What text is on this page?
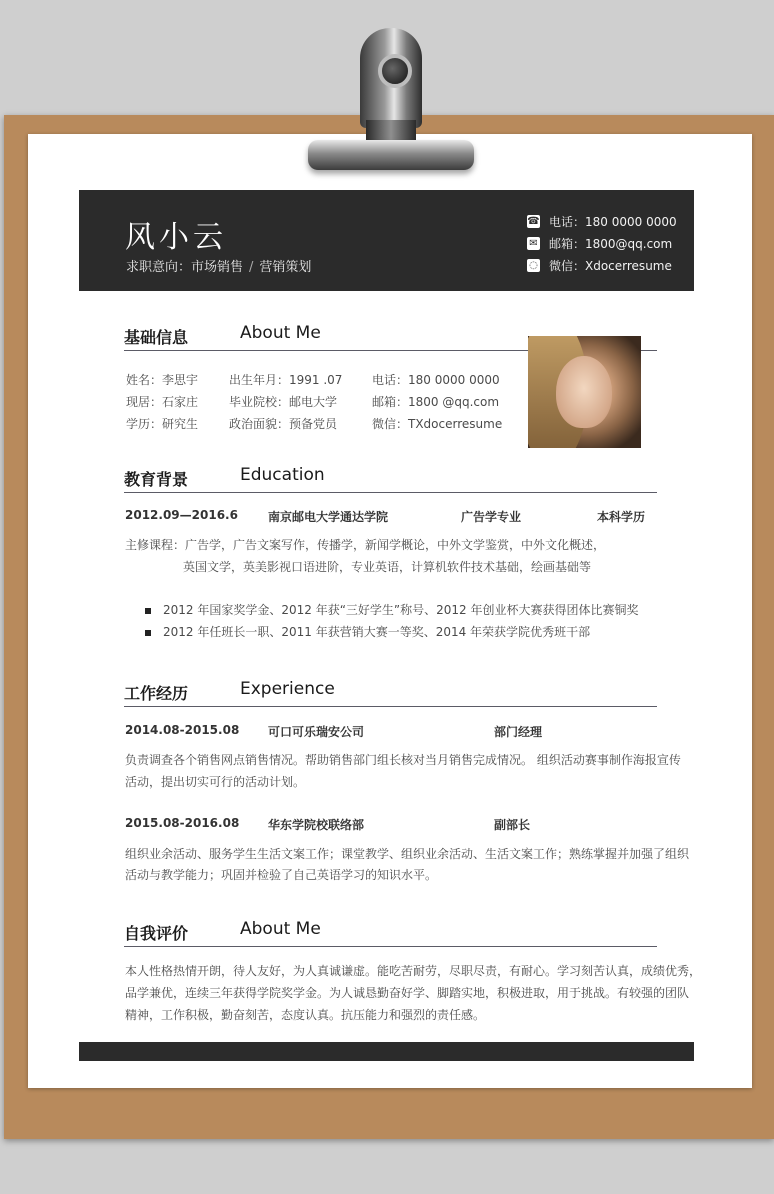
风小云
求职意向：市场销售 / 营销策划
☎ 电话：180 0000 0000
✉ 邮箱：1800@qq.com
◌ 微信：Xdocerresume
基础信息	About Me
姓名：李思宇	出生年月：1991 .07 电话：180 0000 0000
现居：石家庄	毕业院校：邮电大学	邮箱：1800 @qq.com
学历：研究生	政治面貌：预备党员	微信：TXdocerresume
教育背景	Education
2012.09—2016.6	南京邮电大学通达学院	广告学专业	本科学历
主修课程：广告学，广告文案写作，传播学，新闻学概论，中外文学鉴赏，中外文化概述，
英国文学，英美影视口语进阶，专业英语，计算机软件技术基础，绘画基础等
2012 年国家奖学金、2012 年获“三好学生”称号、2012 年创业杯大赛获得团体比赛铜奖
2012 年任班长一职、2011 年获营销大赛一等奖、2014 年荣获学院优秀班干部
工作经历	Experience
2014.08-2015.08 可口可乐瑞安公司	部门经理
负责调查各个销售网点销售情况。帮助销售部门组长核对当月销售完成情况。 组织活动赛事制作海报宣传
活动，提出切实可行的活动计划。
2015.08-2016.08 华东学院校联络部	副部长
组织业余活动、服务学生生活文案工作；课堂教学、组织业余活动、生活文案工作；熟练掌握并加强了组织
活动与教学能力；巩固并检验了自己英语学习的知识水平。
自我评价	About Me
本人性格热情开朗，待人友好，为人真诚谦虚。能吃苦耐劳，尽职尽责，有耐心。学习刻苦认真，成绩优秀，
品学兼优，连续三年获得学院奖学金。为人诚恳勤奋好学、脚踏实地，积极进取，用于挑战。有较强的团队
精神，工作积极，勤奋刻苦，态度认真。抗压能力和强烈的责任感。
